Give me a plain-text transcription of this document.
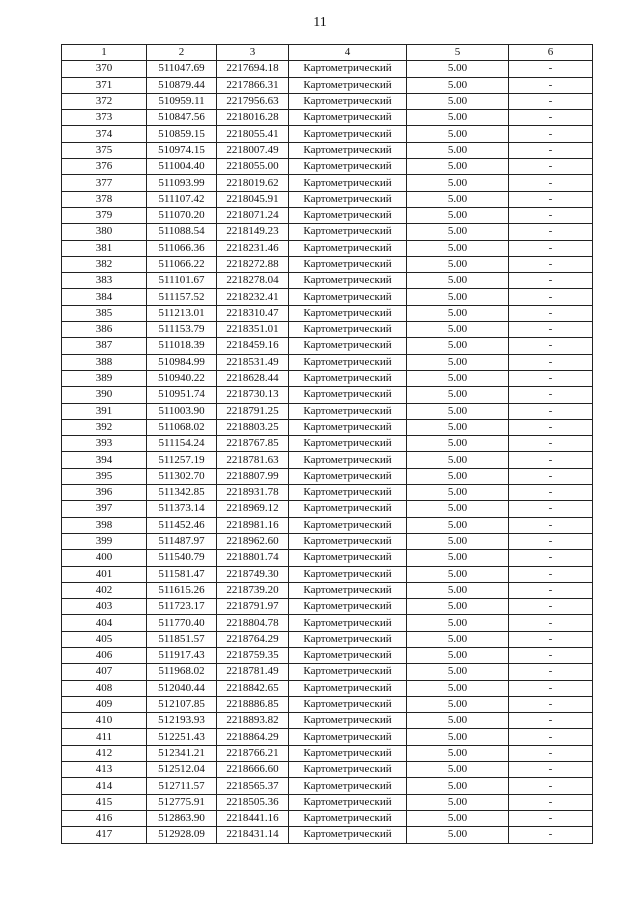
11
1	2	3	4	5	6
370	511047.69	2217694.18	Картометрический	5.00	-
371	510879.44	2217866.31	Картометрический	5.00	-
372	510959.11	2217956.63	Картометрический	5.00	-
373	510847.56	2218016.28	Картометрический	5.00	-
374	510859.15	2218055.41	Картометрический	5.00	-
375	510974.15	2218007.49	Картометрический	5.00	-
376	511004.40	2218055.00	Картометрический	5.00	-
377	511093.99	2218019.62	Картометрический	5.00	-
378	511107.42	2218045.91	Картометрический	5.00	-
379	511070.20	2218071.24	Картометрический	5.00	-
380	511088.54	2218149.23	Картометрический	5.00	-
381	511066.36	2218231.46	Картометрический	5.00	-
382	511066.22	2218272.88	Картометрический	5.00	-
383	511101.67	2218278.04	Картометрический	5.00	-
384	511157.52	2218232.41	Картометрический	5.00	-
385	511213.01	2218310.47	Картометрический	5.00	-
386	511153.79	2218351.01	Картометрический	5.00	-
387	511018.39	2218459.16	Картометрический	5.00	-
388	510984.99	2218531.49	Картометрический	5.00	-
389	510940.22	2218628.44	Картометрический	5.00	-
390	510951.74	2218730.13	Картометрический	5.00	-
391	511003.90	2218791.25	Картометрический	5.00	-
392	511068.02	2218803.25	Картометрический	5.00	-
393	511154.24	2218767.85	Картометрический	5.00	-
394	511257.19	2218781.63	Картометрический	5.00	-
395	511302.70	2218807.99	Картометрический	5.00	-
396	511342.85	2218931.78	Картометрический	5.00	-
397	511373.14	2218969.12	Картометрический	5.00	-
398	511452.46	2218981.16	Картометрический	5.00	-
399	511487.97	2218962.60	Картометрический	5.00	-
400	511540.79	2218801.74	Картометрический	5.00	-
401	511581.47	2218749.30	Картометрический	5.00	-
402	511615.26	2218739.20	Картометрический	5.00	-
403	511723.17	2218791.97	Картометрический	5.00	-
404	511770.40	2218804.78	Картометрический	5.00	-
405	511851.57	2218764.29	Картометрический	5.00	-
406	511917.43	2218759.35	Картометрический	5.00	-
407	511968.02	2218781.49	Картометрический	5.00	-
408	512040.44	2218842.65	Картометрический	5.00	-
409	512107.85	2218886.85	Картометрический	5.00	-
410	512193.93	2218893.82	Картометрический	5.00	-
411	512251.43	2218864.29	Картометрический	5.00	-
412	512341.21	2218766.21	Картометрический	5.00	-
413	512512.04	2218666.60	Картометрический	5.00	-
414	512711.57	2218565.37	Картометрический	5.00	-
415	512775.91	2218505.36	Картометрический	5.00	-
416	512863.90	2218441.16	Картометрический	5.00	-
417	512928.09	2218431.14	Картометрический	5.00	-
